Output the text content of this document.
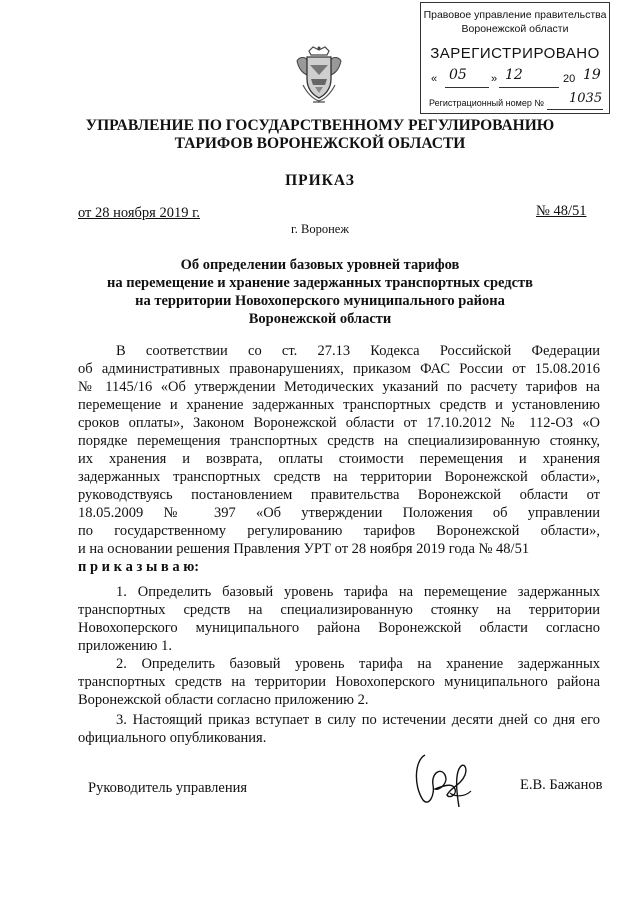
Правовое управление правительства
Воронежской области
ЗАРЕГИСТРИРОВАНО
« 05 » 12	20 19
Регистрационный номер № 1035
УПРАВЛЕНИЕ ПО ГОСУДАРСТВЕННОМУ РЕГУЛИРОВАНИЮ
ТАРИФОВ ВОРОНЕЖСКОЙ ОБЛАСТИ
ПРИКАЗ
от 28 ноября 2019 г.	№ 48/51
г. Воронеж
Об определении базовых уровней тарифов
на перемещение и хранение задержанных транспортных средств
на территории Новохоперского муниципального района
Воронежской области
В соответствии со ст. 27.13 Кодекса Российской Федерации
об административных правонарушениях, приказом ФАС России от 15.08.2016
№ 1145/16 «Об утверждении Методических указаний по расчету тарифов на
перемещение и хранение задержанных транспортных средств и установлению
сроков оплаты», Законом Воронежской области от 17.10.2012 № 112-ОЗ «О
порядке перемещения транспортных средств на специализированную стоянку,
их хранения и возврата, оплаты стоимости перемещения и хранения
задержанных транспортных средств на территории Воронежской области»,
руководствуясь постановлением правительства Воронежской области от
18.05.2009 № 397 «Об утверждении Положения об управлении
по государственному регулированию тарифов Воронежской области»,
и на основании решения Правления УРТ от 28 ноября 2019 года № 48/51
п р и к а з ы в а ю:
1. Определить базовый уровень тарифа на перемещение задержанных
транспортных средств на специализированную стоянку на территории
Новохоперского муниципального района Воронежской области согласно
приложению 1.
2. Определить базовый уровень тарифа на хранение задержанных
транспортных средств на территории Новохоперского муниципального района
Воронежской области согласно приложению 2.
3. Настоящий приказ вступает в силу по истечении десяти дней со дня его
официального опубликования.
Руководитель управления	Е.В. Бажанов
